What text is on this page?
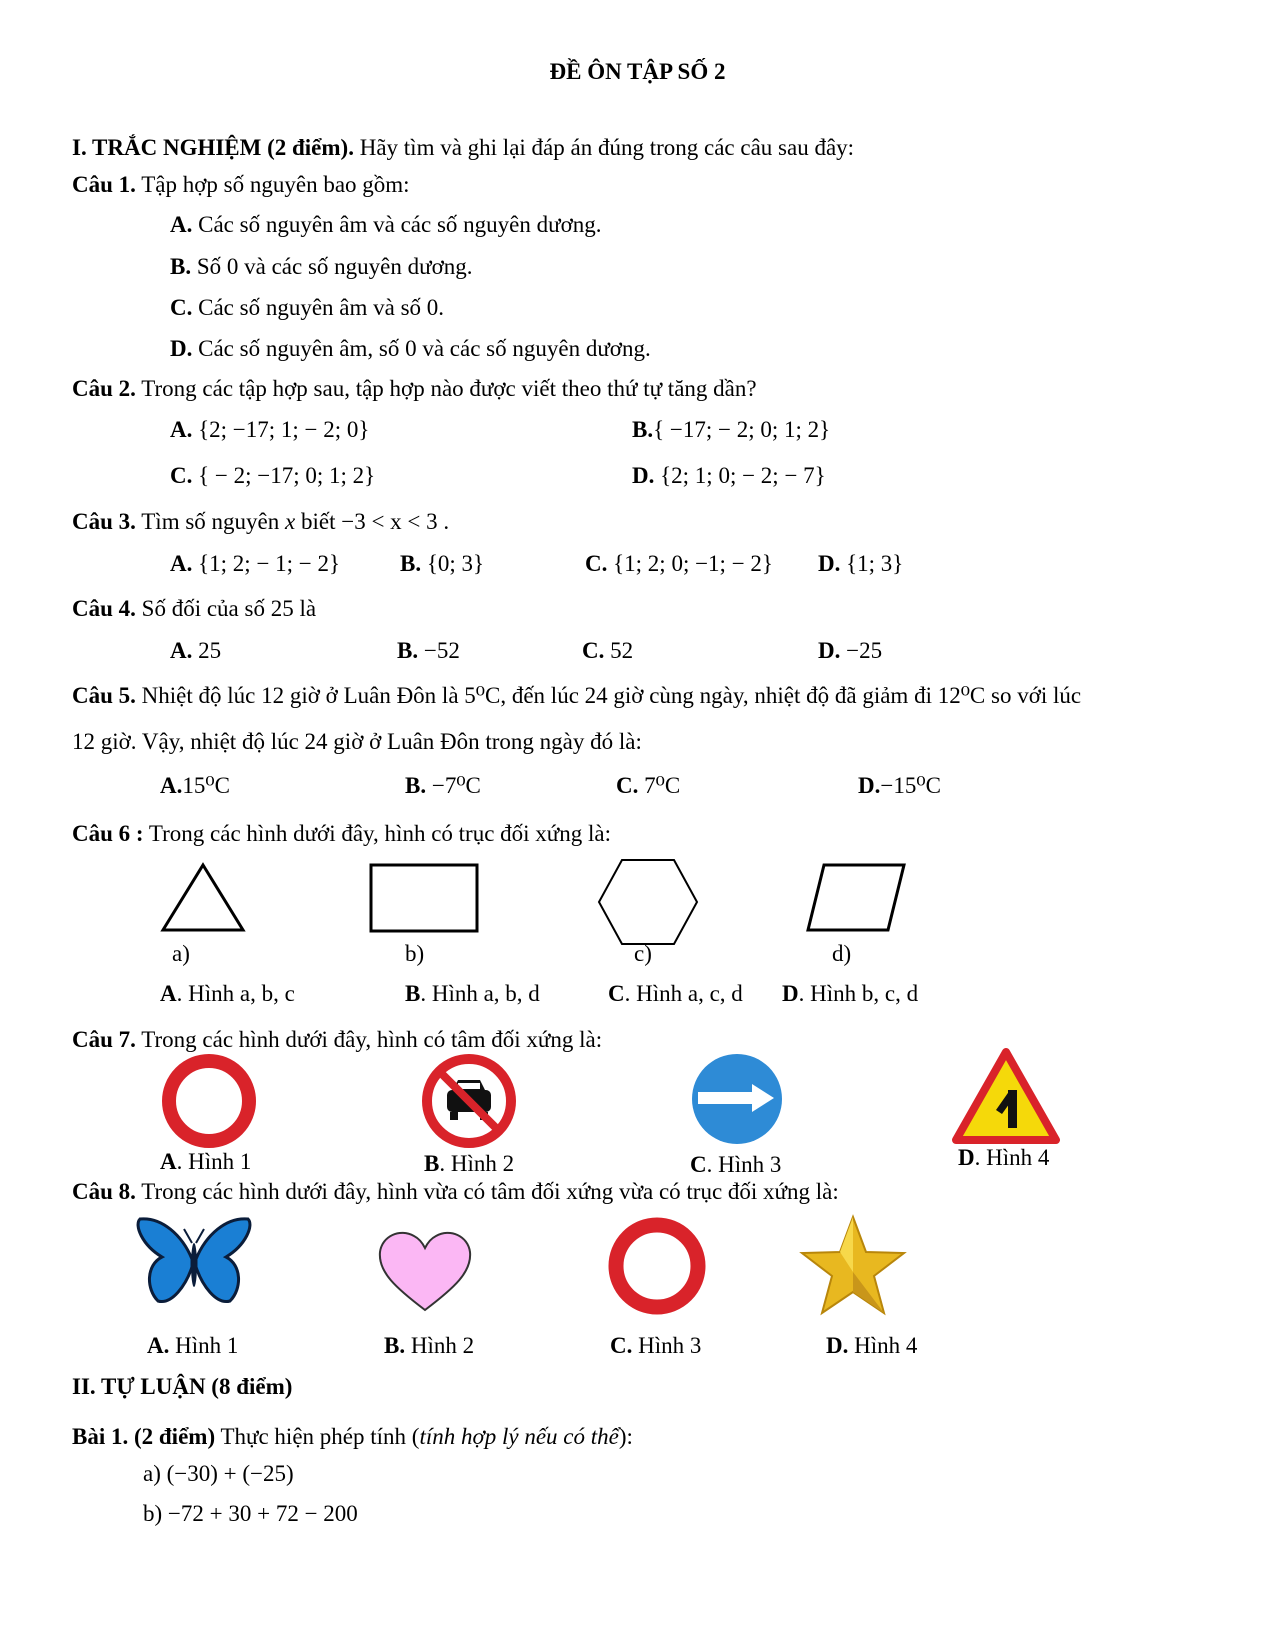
ĐỀ ÔN TẬP SỐ 2
I. TRẮC NGHIỆM (2 điểm). Hãy tìm và ghi lại đáp án đúng trong các câu sau đây:
Câu 1. Tập hợp số nguyên bao gồm:
A. Các số nguyên âm và các số nguyên dương.
B. Số 0 và các số nguyên dương.
C. Các số nguyên âm và số 0.
D. Các số nguyên âm, số 0 và các số nguyên dương.
Câu 2. Trong các tập hợp sau, tập hợp nào được viết theo thứ tự tăng dần?
A. {2; −17; 1; − 2; 0}	B.{ −17; − 2; 0; 1; 2}
C. { − 2; −17; 0; 1; 2}	D. {2; 1; 0; − 2; − 7}
Câu 3. Tìm số nguyên x biết −3 < x < 3 .
A. {1; 2; − 1; − 2}	B. {0; 3}	C. {1; 2; 0; −1; − 2} D. {1; 3}
Câu 4. Số đối của số 25 là
A. 25	B. −52	C. 52	D. −25
Câu 5. Nhiệt độ lúc 12 giờ ở Luân Đôn là 5⁰C, đến lúc 24 giờ cùng ngày, nhiệt độ đã giảm đi 12⁰C so với lúc
12 giờ. Vậy, nhiệt độ lúc 24 giờ ở Luân Đôn trong ngày đó là:
A.15⁰C	B. −7⁰C	C. 7⁰C	D.−15⁰C
Câu 6 : Trong các hình dưới đây, hình có trục đối xứng là:
a)	b)	c)	d)
A. Hình a, b, c	B. Hình a, b, d	C. Hình a, c, d D. Hình b, c, d
Câu 7. Trong các hình dưới đây, hình có tâm đối xứng là:
A. Hình 1	B. Hình 2	C. Hình 3	D. Hình 4
Câu 8. Trong các hình dưới đây, hình vừa có tâm đối xứng vừa có trục đối xứng là:
A. Hình 1	B. Hình 2	C. Hình 3	D. Hình 4
II. TỰ LUẬN (8 điểm)
Bài 1. (2 điểm) Thực hiện phép tính (tính hợp lý nếu có thể):
a) (−30) + (−25)
b) −72 + 30 + 72 − 200
